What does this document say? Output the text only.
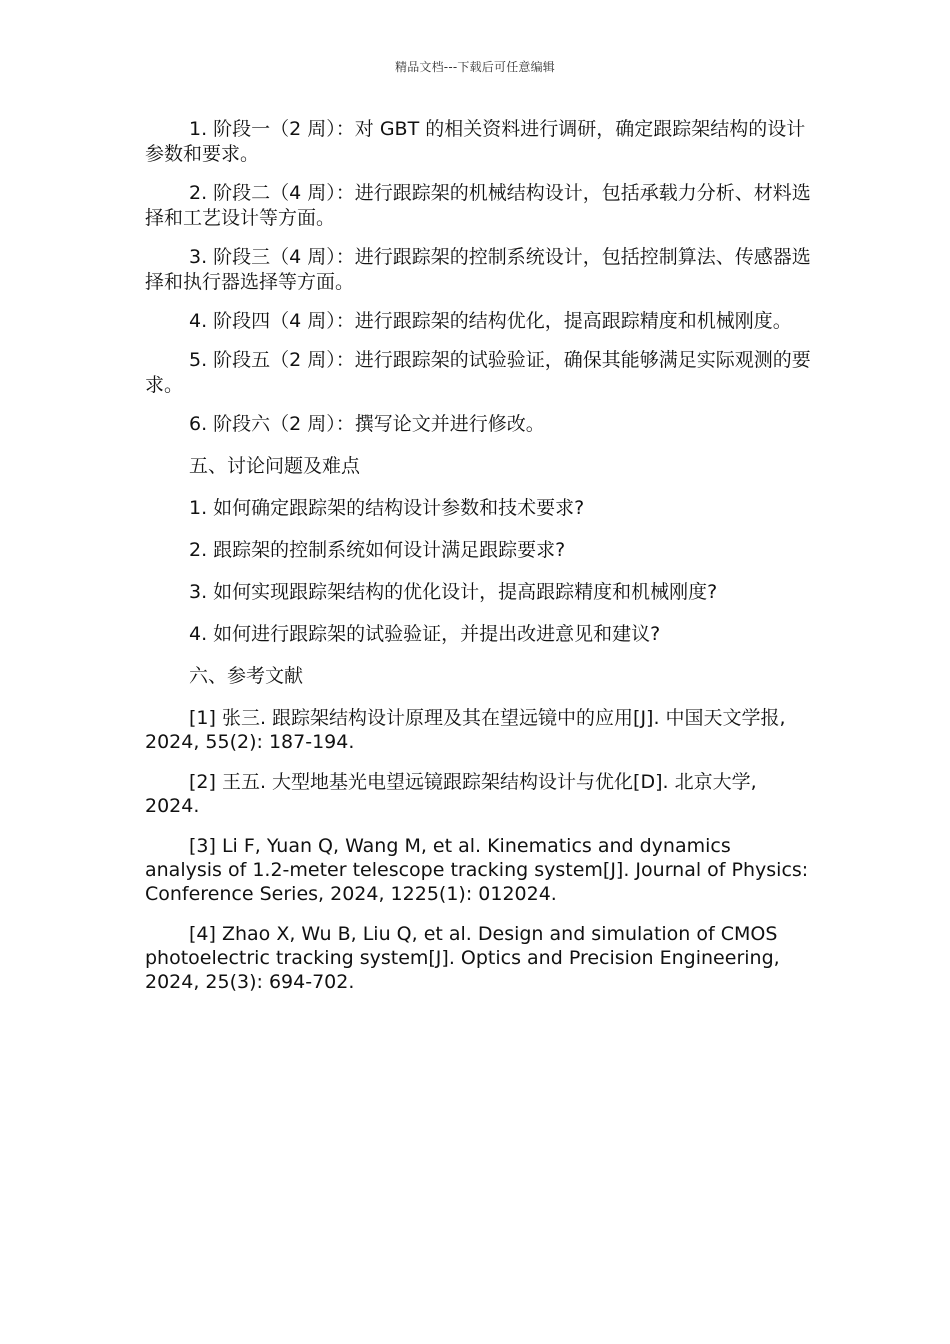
精品文档---下载后可任意编辑

1. 阶段一（2 周）：对 GBT 的相关资料进行调研，确定跟踪架结构的设计参数和要求。

2. 阶段二（4 周）：进行跟踪架的机械结构设计，包括承载力分析、材料选择和工艺设计等方面。

3. 阶段三（4 周）：进行跟踪架的控制系统设计，包括控制算法、传感器选择和执行器选择等方面。

4. 阶段四（4 周）：进行跟踪架的结构优化，提高跟踪精度和机械刚度。

5. 阶段五（2 周）：进行跟踪架的试验验证，确保其能够满足实际观测的要求。

6. 阶段六（2 周）：撰写论文并进行修改。

五、讨论问题及难点

1. 如何确定跟踪架的结构设计参数和技术要求?

2. 跟踪架的控制系统如何设计满足跟踪要求?

3. 如何实现跟踪架结构的优化设计，提高跟踪精度和机械刚度?

4. 如何进行跟踪架的试验验证，并提出改进意见和建议?

六、参考文献

[1] 张三. 跟踪架结构设计原理及其在望远镜中的应用[J]. 中国天文学报, 2024, 55(2): 187-194.

[2] 王五. 大型地基光电望远镜跟踪架结构设计与优化[D]. 北京大学, 2024.

[3] Li F, Yuan Q, Wang M, et al. Kinematics and dynamics analysis of 1.2-meter telescope tracking system[J]. Journal of Physics: Conference Series, 2024, 1225(1): 012024.

[4] Zhao X, Wu B, Liu Q, et al. Design and simulation of CMOS photoelectric tracking system[J]. Optics and Precision Engineering, 2024, 25(3): 694-702.
